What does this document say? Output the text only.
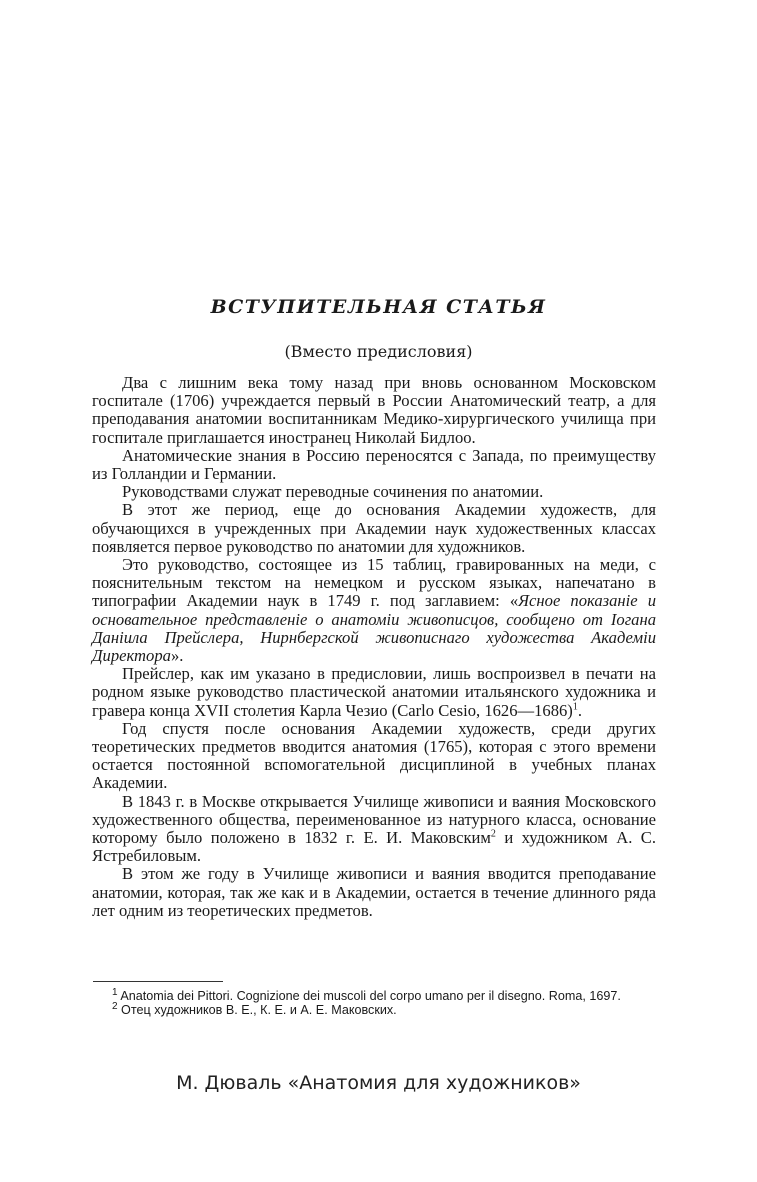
ВСТУПИТЕЛЬНАЯ СТАТЬЯ

(Вместо предисловия)

Два с лишним века тому назад при вновь основанном Московском госпитале (1706) учреждается первый в России Анатомический театр, а для преподавания анатомии воспитанникам Медико-хирургического училища при госпитале приглашается иностранец Николай Бидлоо.

Анатомические знания в Россию переносятся с Запада, по преимуществу из Голландии и Германии.

Руководствами служат переводные сочинения по анатомии.

В этот же период, еще до основания Академии художеств, для обучающихся в учрежденных при Академии наук художественных классах появляется первое руководство по анатомии для художников.

Это руководство, состоящее из 15 таблиц, гравированных на меди, с пояснительным текстом на немецком и русском языках, напечатано в типографии Академии наук в 1749 г. под заглавием: «Ясное показаніе и основательное представленіе о анатоміи живописцов, сообщено от Іогана Даніила Прейслера, Нирнбергской живописнаго художества Академіи Директора».

Прейслер, как им указано в предисловии, лишь воспроизвел в печати на родном языке руководство пластической анатомии итальянского художника и гравера конца XVII столетия Карла Чезио (Carlo Cesio, 1626—1686)$^1$.

Год спустя после основания Академии художеств, среди других теоретических предметов вводится анатомия (1765), которая с этого времени остается постоянной вспомогательной дисциплиной в учебных планах Академии.

В 1843 г. в Москве открывается Училище живописи и ваяния Московского художественного общества, переименованное из натурного класса, основание которому было положено в 1832 г. Е. И. Маковским$^2$ и художником А. С. Ястребиловым.

В этом же году в Училище живописи и ваяния вводится преподавание анатомии, которая, так же как и в Академии, остается в течение длинного ряда лет одним из теоретических предметов.

$^1$ Anatomia dei Pittori. Cognizione dei muscoli del corpo umano per il disegno. Roma, 1697.

$^2$ Отец художников В. Е., К. Е. и А. Е. Маковских.

М. Дюваль «Анатомия для художников»
